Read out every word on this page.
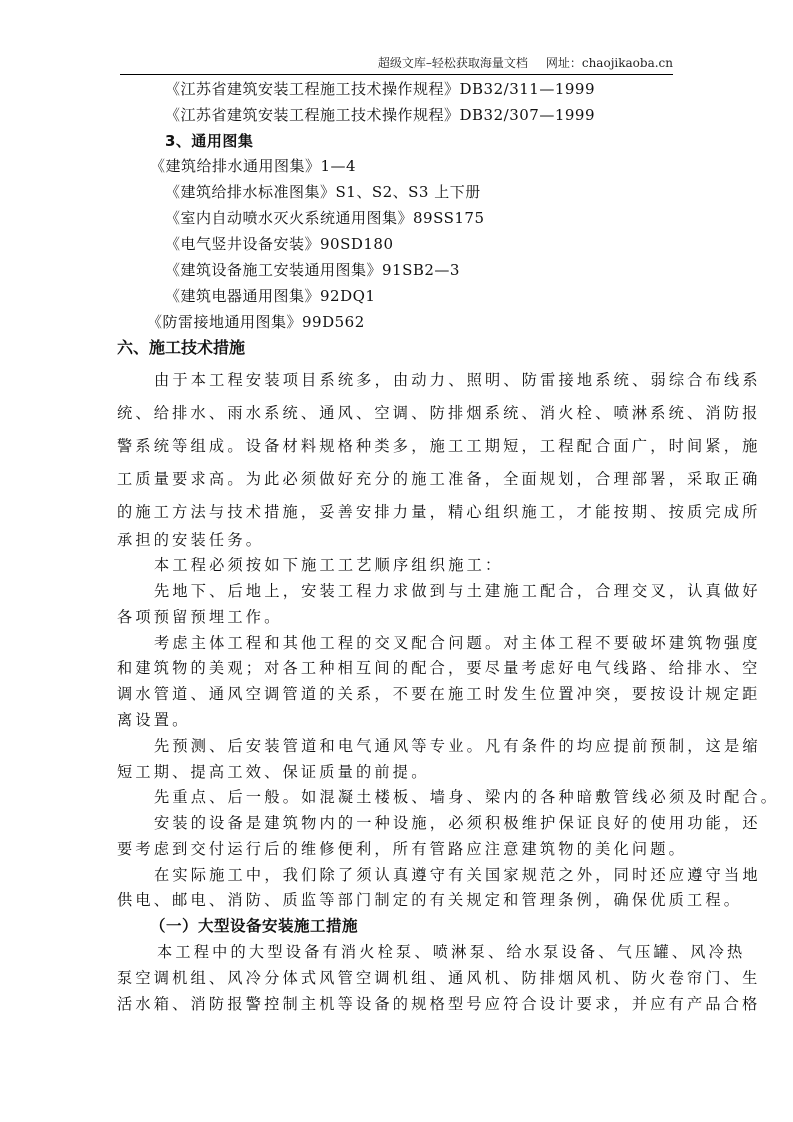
超级文库–轻松获取海量文档 网址：chaojikaoba.cn
《江苏省建筑安装工程施工技术操作规程》DB32/311—1999
《江苏省建筑安装工程施工技术操作规程》DB32/307—1999
3、通用图集
《建筑给排水通用图集》1—4
《建筑给排水标准图集》S1、S2、S3 上下册
《室内自动喷水灭火系统通用图集》89SS175
《电气竖井设备安装》90SD180
《建筑设备施工安装通用图集》91SB2—3
《建筑电器通用图集》92DQ1
《防雷接地通用图集》99D562
六、施工技术措施
由于本工程安装项目系统多，由动力、照明、防雷接地系统、弱综合布线系
统、给排水、雨水系统、通风、空调、防排烟系统、消火栓、喷淋系统、消防报
警系统等组成。设备材料规格种类多，施工工期短，工程配合面广，时间紧，施
工质量要求高。为此必须做好充分的施工准备，全面规划，合理部署，采取正确
的施工方法与技术措施，妥善安排力量，精心组织施工，才能按期、按质完成所
承担的安装任务。
本工程必须按如下施工工艺顺序组织施工：
先地下、后地上，安装工程力求做到与土建施工配合，合理交叉，认真做好
各项预留预埋工作。
考虑主体工程和其他工程的交叉配合问题。对主体工程不要破坏建筑物强度
和建筑物的美观；对各工种相互间的配合，要尽量考虑好电气线路、给排水、空
调水管道、通风空调管道的关系，不要在施工时发生位置冲突，要按设计规定距
离设置。
先预测、后安装管道和电气通风等专业。凡有条件的均应提前预制，这是缩
短工期、提高工效、保证质量的前提。
先重点、后一般。如混凝土楼板、墙身、梁内的各种暗敷管线必须及时配合。
安装的设备是建筑物内的一种设施，必须积极维护保证良好的使用功能，还
要考虑到交付运行后的维修便利，所有管路应注意建筑物的美化问题。
在实际施工中，我们除了须认真遵守有关国家规范之外，同时还应遵守当地
供电、邮电、消防、质监等部门制定的有关规定和管理条例，确保优质工程。
（一）大型设备安装施工措施
本工程中的大型设备有消火栓泵、喷淋泵、给水泵设备、气压罐、风冷热
泵空调机组、风冷分体式风管空调机组、通风机、防排烟风机、防火卷帘门、生
活水箱、消防报警控制主机等设备的规格型号应符合设计要求，并应有产品合格
